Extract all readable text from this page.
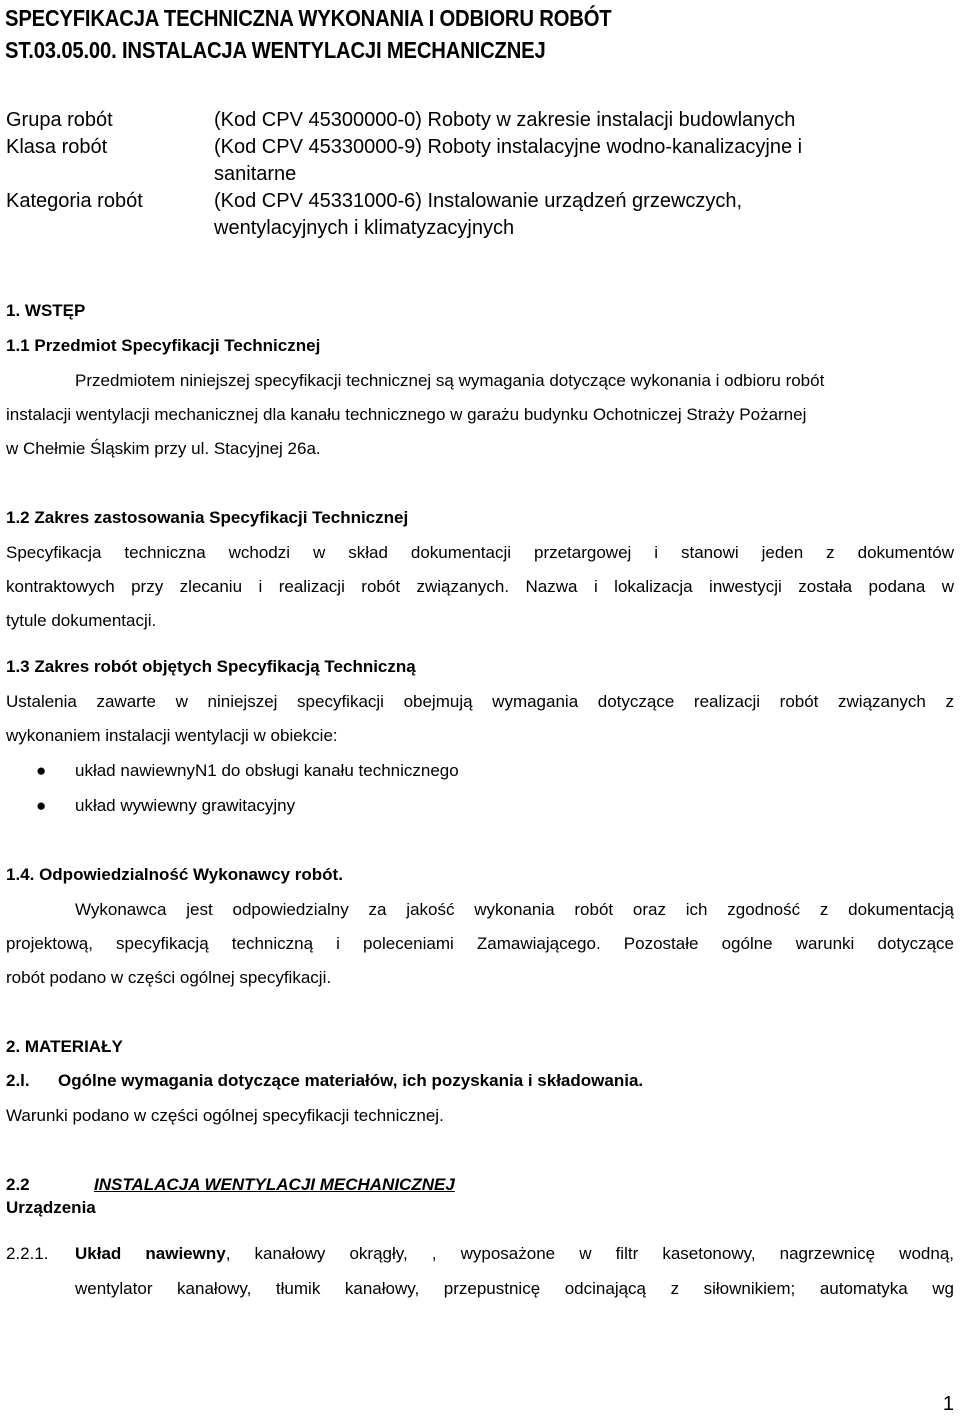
SPECYFIKACJA TECHNICZNA WYKONANIA I ODBIORU ROBÓT
ST.03.05.00. INSTALACJA WENTYLACJI MECHANICZNEJ
Grupa robót
Klasa robót
Kategoria robót
(Kod CPV 45300000-0) Roboty w zakresie instalacji budowlanych
(Kod CPV 45330000-9) Roboty instalacyjne wodno-kanalizacyjne i
sanitarne
(Kod CPV 45331000-6) Instalowanie urządzeń grzewczych,
wentylacyjnych i klimatyzacyjnych
1. WSTĘP
1.1 Przedmiot Specyfikacji Technicznej
Przedmiotem niniejszej specyfikacji technicznej są wymagania dotyczące wykonania i odbioru robót
instalacji wentylacji mechanicznej dla kanału technicznego w garażu budynku Ochotniczej Straży Pożarnej
w Chełmie Śląskim przy ul. Stacyjnej 26a.
1.2 Zakres zastosowania Specyfikacji Technicznej
Specyfikacja techniczna wchodzi w skład dokumentacji przetargowej i stanowi jeden z dokumentów
kontraktowych przy zlecaniu i realizacji robót związanych. Nazwa i lokalizacja inwestycji została podana w
tytule dokumentacji.
1.3 Zakres robót objętych Specyfikacją Techniczną
Ustalenia zawarte w niniejszej specyfikacji obejmują wymagania dotyczące realizacji robót związanych z
wykonaniem instalacji wentylacji w obiekcie:
● układ nawiewnyN1 do obsługi kanału technicznego
● układ wywiewny grawitacyjny
1.4. Odpowiedzialność Wykonawcy robót.
Wykonawca jest odpowiedzialny za jakość wykonania robót oraz ich zgodność z dokumentacją
projektową, specyfikacją techniczną i poleceniami Zamawiającego. Pozostałe ogólne warunki dotyczące
robót podano w części ogólnej specyfikacji.
2. MATERIAŁY
2.l. Ogólne wymagania dotyczące materiałów, ich pozyskania i składowania.
Warunki podano w części ogólnej specyfikacji technicznej.
2.2	INSTALACJA WENTYLACJI MECHANICZNEJ
Urządzenia
2.2.1. Układ nawiewny, kanałowy okrągły, , wyposażone w filtr kasetonowy, nagrzewnicę wodną,
wentylator kanałowy, tłumik kanałowy, przepustnicę odcinającą z siłownikiem; automatyka wg
1
